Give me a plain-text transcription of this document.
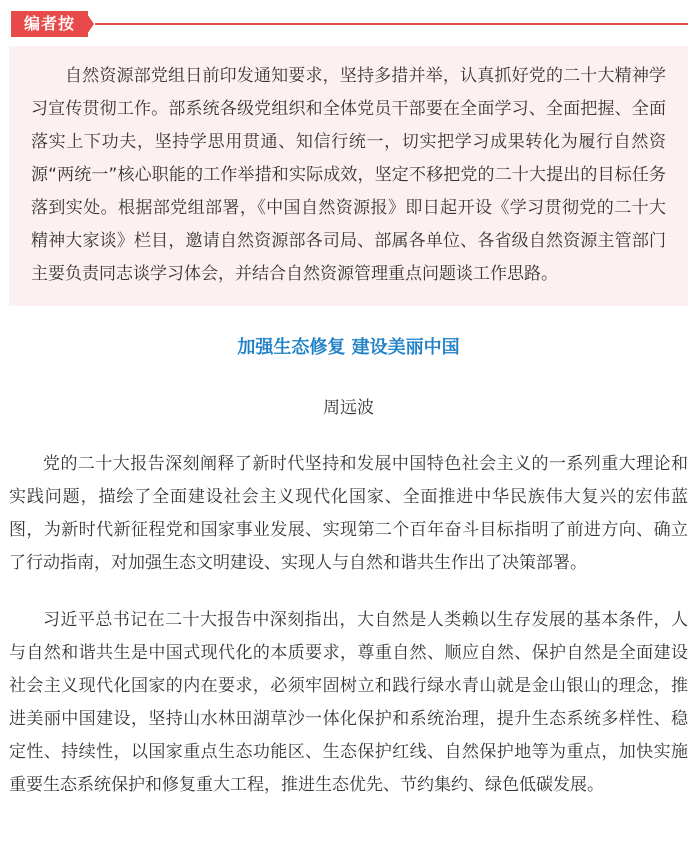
编者按

自然资源部党组日前印发通知要求，坚持多措并举，认真抓好党的二十大精神学习宣传贯彻工作。部系统各级党组织和全体党员干部要在全面学习、全面把握、全面落实上下功夫，坚持学思用贯通、知信行统一，切实把学习成果转化为履行自然资源“两统一”核心职能的工作举措和实际成效，坚定不移把党的二十大提出的目标任务落到实处。根据部党组部署，《中国自然资源报》即日起开设《学习贯彻党的二十大精神大家谈》栏目，邀请自然资源部各司局、部属各单位、各省级自然资源主管部门主要负责同志谈学习体会，并结合自然资源管理重点问题谈工作思路。

加强生态修复 建设美丽中国

周远波

党的二十大报告深刻阐释了新时代坚持和发展中国特色社会主义的一系列重大理论和实践问题，描绘了全面建设社会主义现代化国家、全面推进中华民族伟大复兴的宏伟蓝图，为新时代新征程党和国家事业发展、实现第二个百年奋斗目标指明了前进方向、确立了行动指南，对加强生态文明建设、实现人与自然和谐共生作出了决策部署。

习近平总书记在二十大报告中深刻指出，大自然是人类赖以生存发展的基本条件，人与自然和谐共生是中国式现代化的本质要求，尊重自然、顺应自然、保护自然是全面建设社会主义现代化国家的内在要求，必须牢固树立和践行绿水青山就是金山银山的理念，推进美丽中国建设，坚持山水林田湖草沙一体化保护和系统治理，提升生态系统多样性、稳定性、持续性，以国家重点生态功能区、生态保护红线、自然保护地等为重点，加快实施重要生态系统保护和修复重大工程，推进生态优先、节约集约、绿色低碳发展。
